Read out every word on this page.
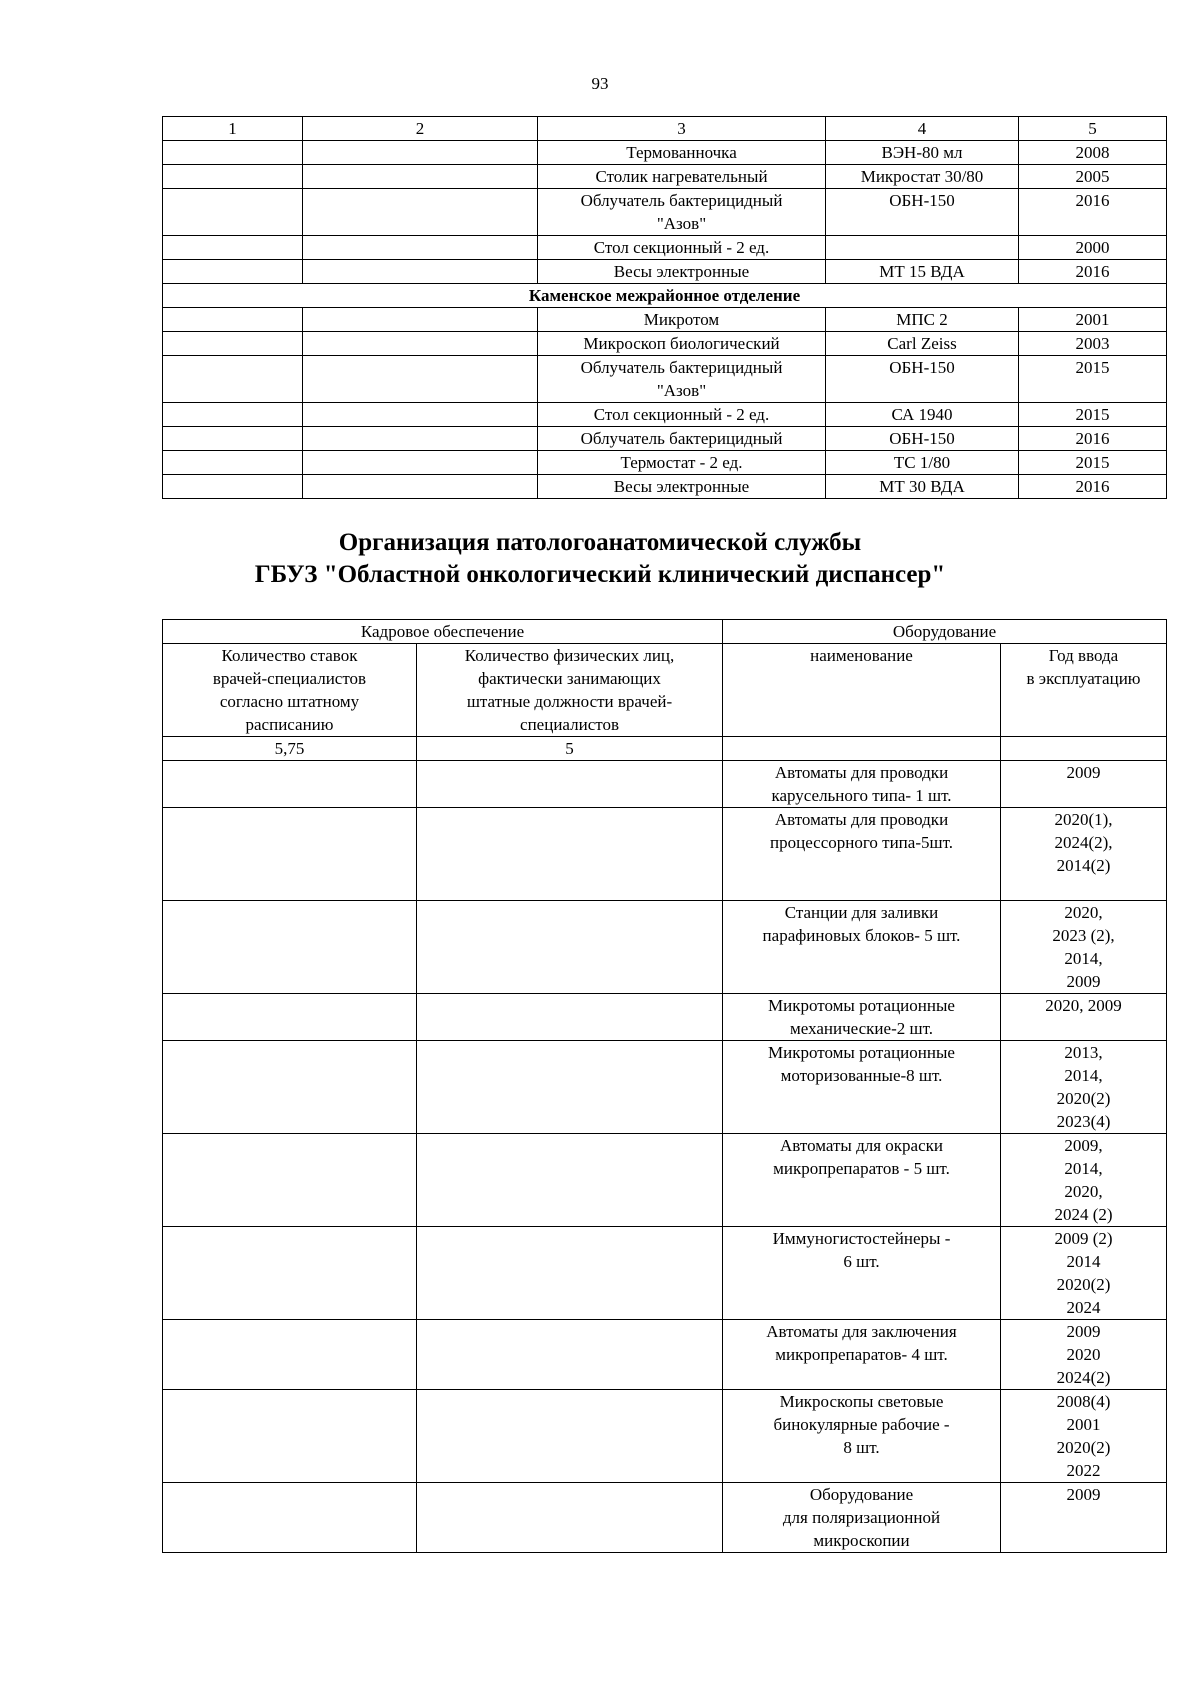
93
1	2	3	4	5
		Термованночка	ВЭН-80 мл	2008
		Столик нагревательный	Микростат 30/80	2005
		Облучатель бактерицидный
"Азов"	ОБН-150	2016
		Стол секционный - 2 ед.		2000
		Весы электронные	МТ 15 ВДА	2016
Каменское межрайонное отделение				
		Микротом	МПС 2	2001
		Микроскоп биологический	Carl Zeiss	2003
		Облучатель бактерицидный
"Азов"	ОБН-150	2015
		Стол секционный - 2 ед.	СА 1940	2015
		Облучатель бактерицидный	ОБН-150	2016
		Термостат - 2 ед.	ТС 1/80	2015
		Весы электронные	МТ 30 ВДА	2016
Организация патологоанатомической службы
ГБУЗ "Областной онкологический клинический диспансер"
Кадровое обеспечение		Оборудование	
Количество ставок
врачей-специалистов
согласно штатному
расписанию	Количество физических лиц,
фактически занимающих
штатные должности врачей-
специалистов	наименование	Год ввода
в эксплуатацию
5,75	5		
		Автоматы для проводки
карусельного типа- 1 шт.	2009
		Автоматы для проводки
процессорного типа-5шт.	2020(1),
2024(2),
2014(2)
		Станции для заливки
парафиновых блоков- 5 шт.	2020,
2023 (2),
2014,
2009
		Микротомы ротационные
механические-2 шт.	2020, 2009
		Микротомы ротационные
моторизованные-8 шт.	2013,
2014,
2020(2)
2023(4)
		Автоматы для окраски
микропрепаратов - 5 шт.	2009,
2014,
2020,
2024 (2)
		Иммуногистостейнеры -
6 шт.	2009 (2)
2014
2020(2)
2024
		Автоматы для заключения
микропрепаратов- 4 шт.	2009
2020
2024(2)
		Микроскопы световые
бинокулярные рабочие -
8 шт.	2008(4)
2001
2020(2)
2022
		Оборудование
для поляризационной
микроскопии	2009
